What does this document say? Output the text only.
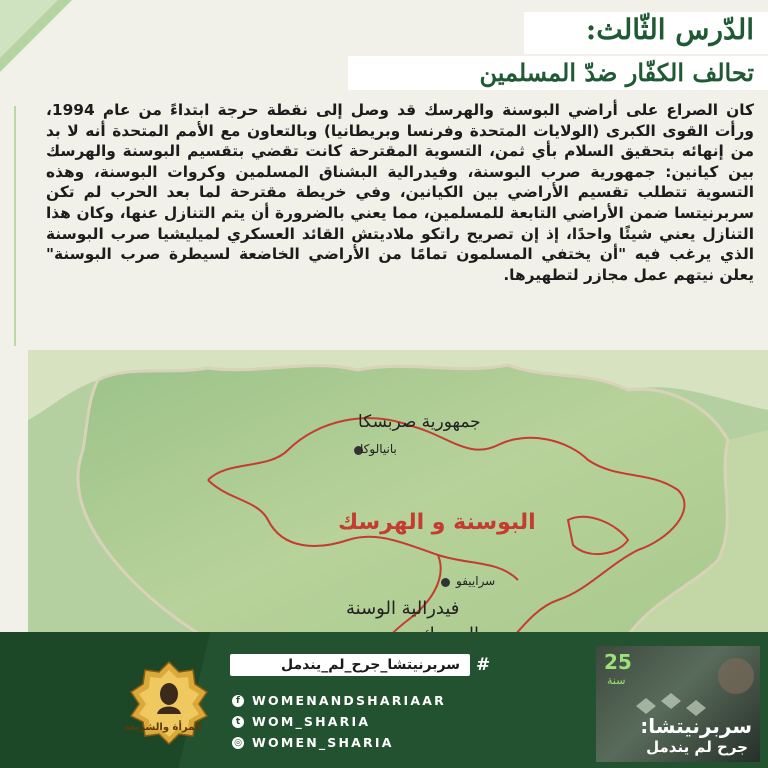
الدّرس الثّالث:
تحالف الكفّار ضدّ المسلمين

كان الصراع على أراضي البوسنة والهرسك قد وصل إلى نقطة حرجة ابتداءً من عام 1994، ورأت القوى الكبرى (الولايات المتحدة وفرنسا وبريطانيا) وبالتعاون مع الأمم المتحدة أنه لا بد من إنهائه بتحقيق السلام بأي ثمن، التسوية المقترحة كانت تقضي بتقسيم البوسنة والهرسك بين كيانين: جمهورية صرب البوسنة، وفيدرالية البشناق المسلمين وكروات البوسنة، وهذه التسوية تتطلب تقسيم الأراضي بين الكيانين، وفي خريطة مقترحة لما بعد الحرب لم تكن سربرنيتسا ضمن الأراضي التابعة للمسلمين، مما يعني بالضرورة أن يتم التنازل عنها، وكان هذا التنازل يعني شيئًا واحدًا، إذ إن تصريح راتكو ملاديتش القائد العسكري لميليشيا صرب البوسنة الذي يرغب فيه "أن يختفي المسلمون تمامًا من الأراضي الخاضعة لسيطرة صرب البوسنة" يعلن نيتهم عمل مجازر لتطهيرها.

جمهورية صربسكا
بانيالوكا
البوسنة و الهرسك
سراييفو
فيدرالية الوسنة
سربرنيتشا_جرح_لم_يندمل #
f WOMENANDSHARIAAR
t WOM_SHARIA
◎ WOMEN_SHARIA
المرأة والشريعة
25
سنة
سربرنيتشا:
جرح لم يندمل
